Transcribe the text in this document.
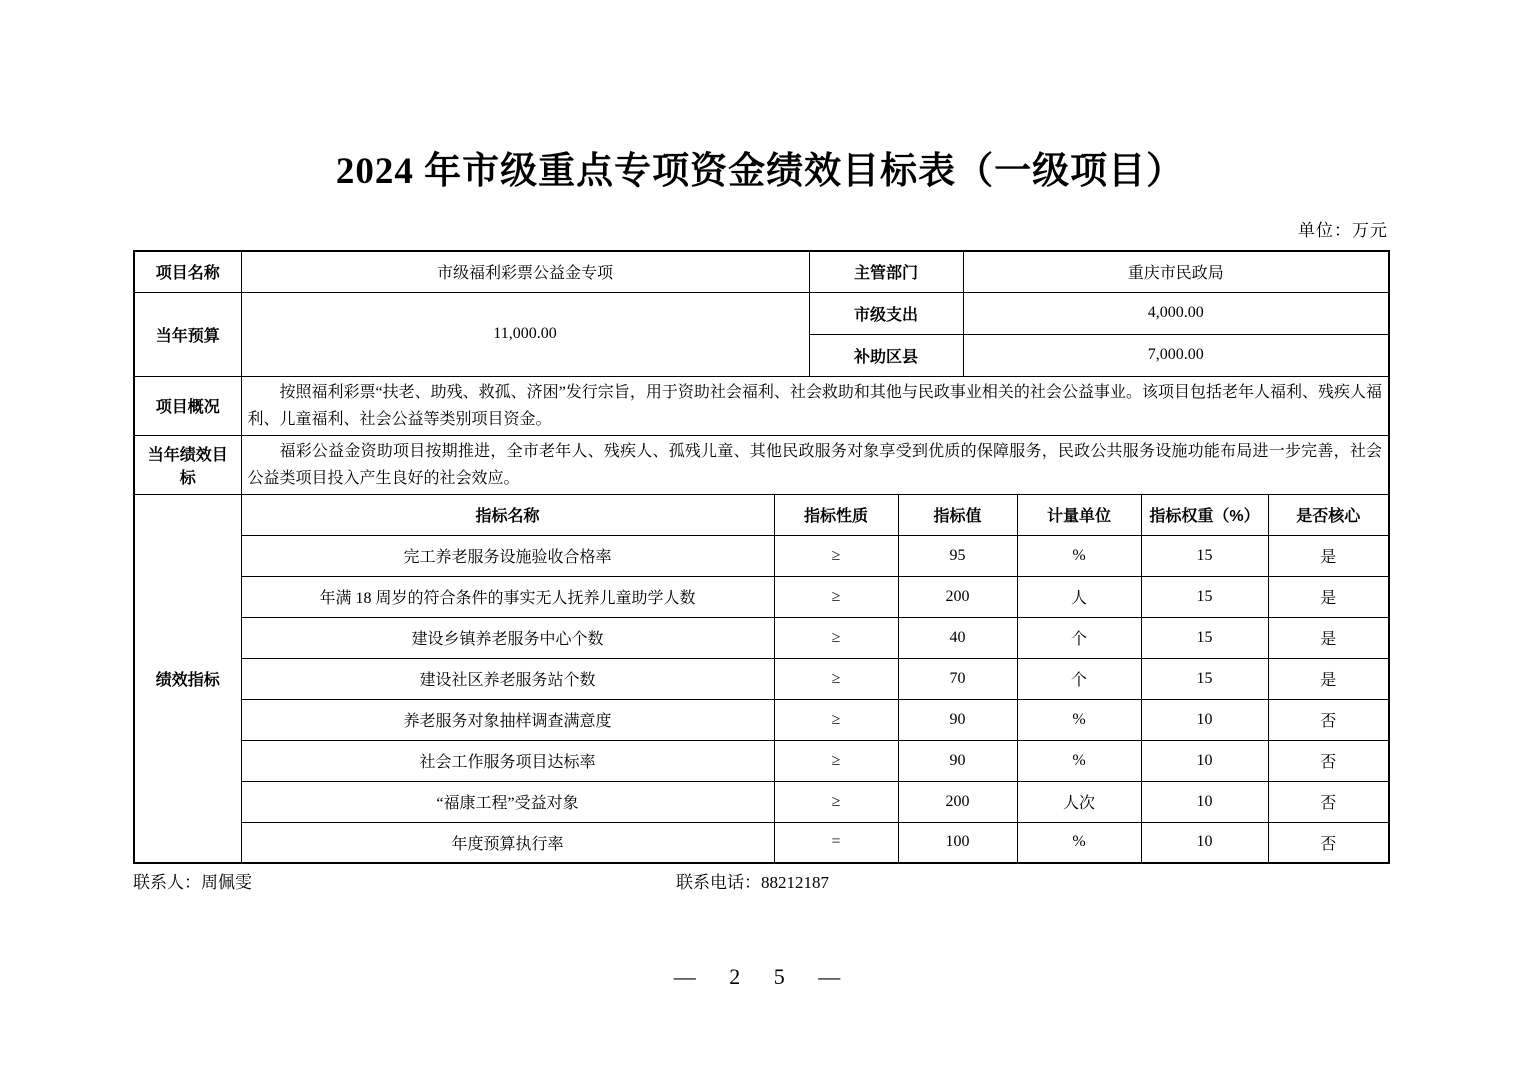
2024 年市级重点专项资金绩效目标表（一级项目）
单位：万元
项目名称	市级福利彩票公益金专项		主管部门		重庆市民政局			
当年预算	11,000.00		市级支出		4,000.00			
			补助区县		7,000.00			
项目概况	按照福利彩票“扶老、助残、救孤、济困”发行宗旨，用于资助社会福利、社会救助和其他与民政事业相关的社会公益事业。该项目包括老年人福利、残疾人福利、儿童福利、社会公益等类别项目资金。							

当年绩效目标	福彩公益金资助项目按期推进，全市老年人、残疾人、孤残儿童、其他民政服务对象享受到优质的保障服务，民政公共服务设施功能布局进一步完善，社会公益类项目投入产生良好的社会效应。							

绩效指标	指标名称	指标性质		指标值		计量单位	指标权重（%）	是否核心
	完工养老服务设施验收合格率	≥		95		%	15	是
	年满 18 周岁的符合条件的事实无人抚养儿童助学人数	≥		200		人	15	是
	建设乡镇养老服务中心个数	≥		40		个	15	是
	建设社区养老服务站个数	≥		70		个	15	是
	养老服务对象抽样调查满意度	≥		90		%	10	否
	社会工作服务项目达标率	≥		90		%	10	否
	“福康工程”受益对象	≥		200		人次	10	否
	年度预算执行率	=		100		%	10	否
联系人：周佩雯	联系电话：88212187
— 2 5 —
